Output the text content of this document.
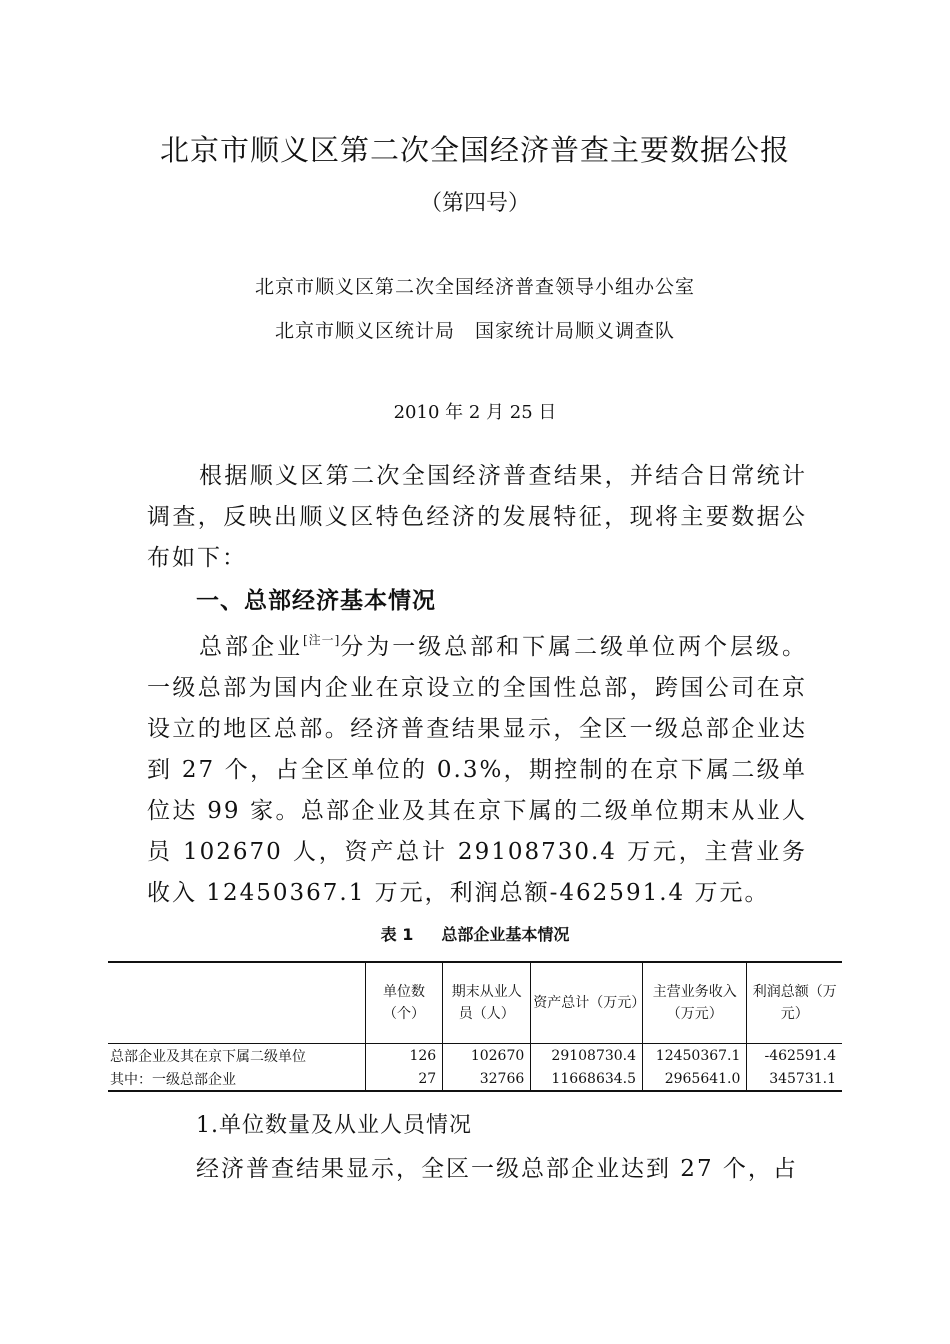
北京市顺义区第二次全国经济普查主要数据公报
（第四号）
北京市顺义区第二次全国经济普查领导小组办公室
北京市顺义区统计局　国家统计局顺义调查队
2010 年 2 月 25 日
根据顺义区第二次全国经济普查结果，并结合日常统计调查，反映出顺义区特色经济的发展特征，现将主要数据公布如下：
一、总部经济基本情况
总部企业[注一]分为一级总部和下属二级单位两个层级。一级总部为国内企业在京设立的全国性总部，跨国公司在京设立的地区总部。经济普查结果显示，全区一级总部企业达到 27 个，占全区单位的 0.3%，期控制的在京下属二级单位达 99 家。总部企业及其在京下属的二级单位期末从业人员 102670 人，资产总计 29108730.4 万元，主营业务收入 12450367.1 万元，利润总额-462591.4 万元。
表 1 总部企业基本情况
	单位数（个）	期末从业人员（人）	资产总计（万元）	主营业务收入（万元）	利润总额（万元）
总部企业及其在京下属二级单位	126	102670	29108730.4	12450367.1	-462591.4
其中：一级总部企业	27	32766	11668634.5	2965641.0	345731.1
1.单位数量及从业人员情况
经济普查结果显示，全区一级总部企业达到 27 个，占
